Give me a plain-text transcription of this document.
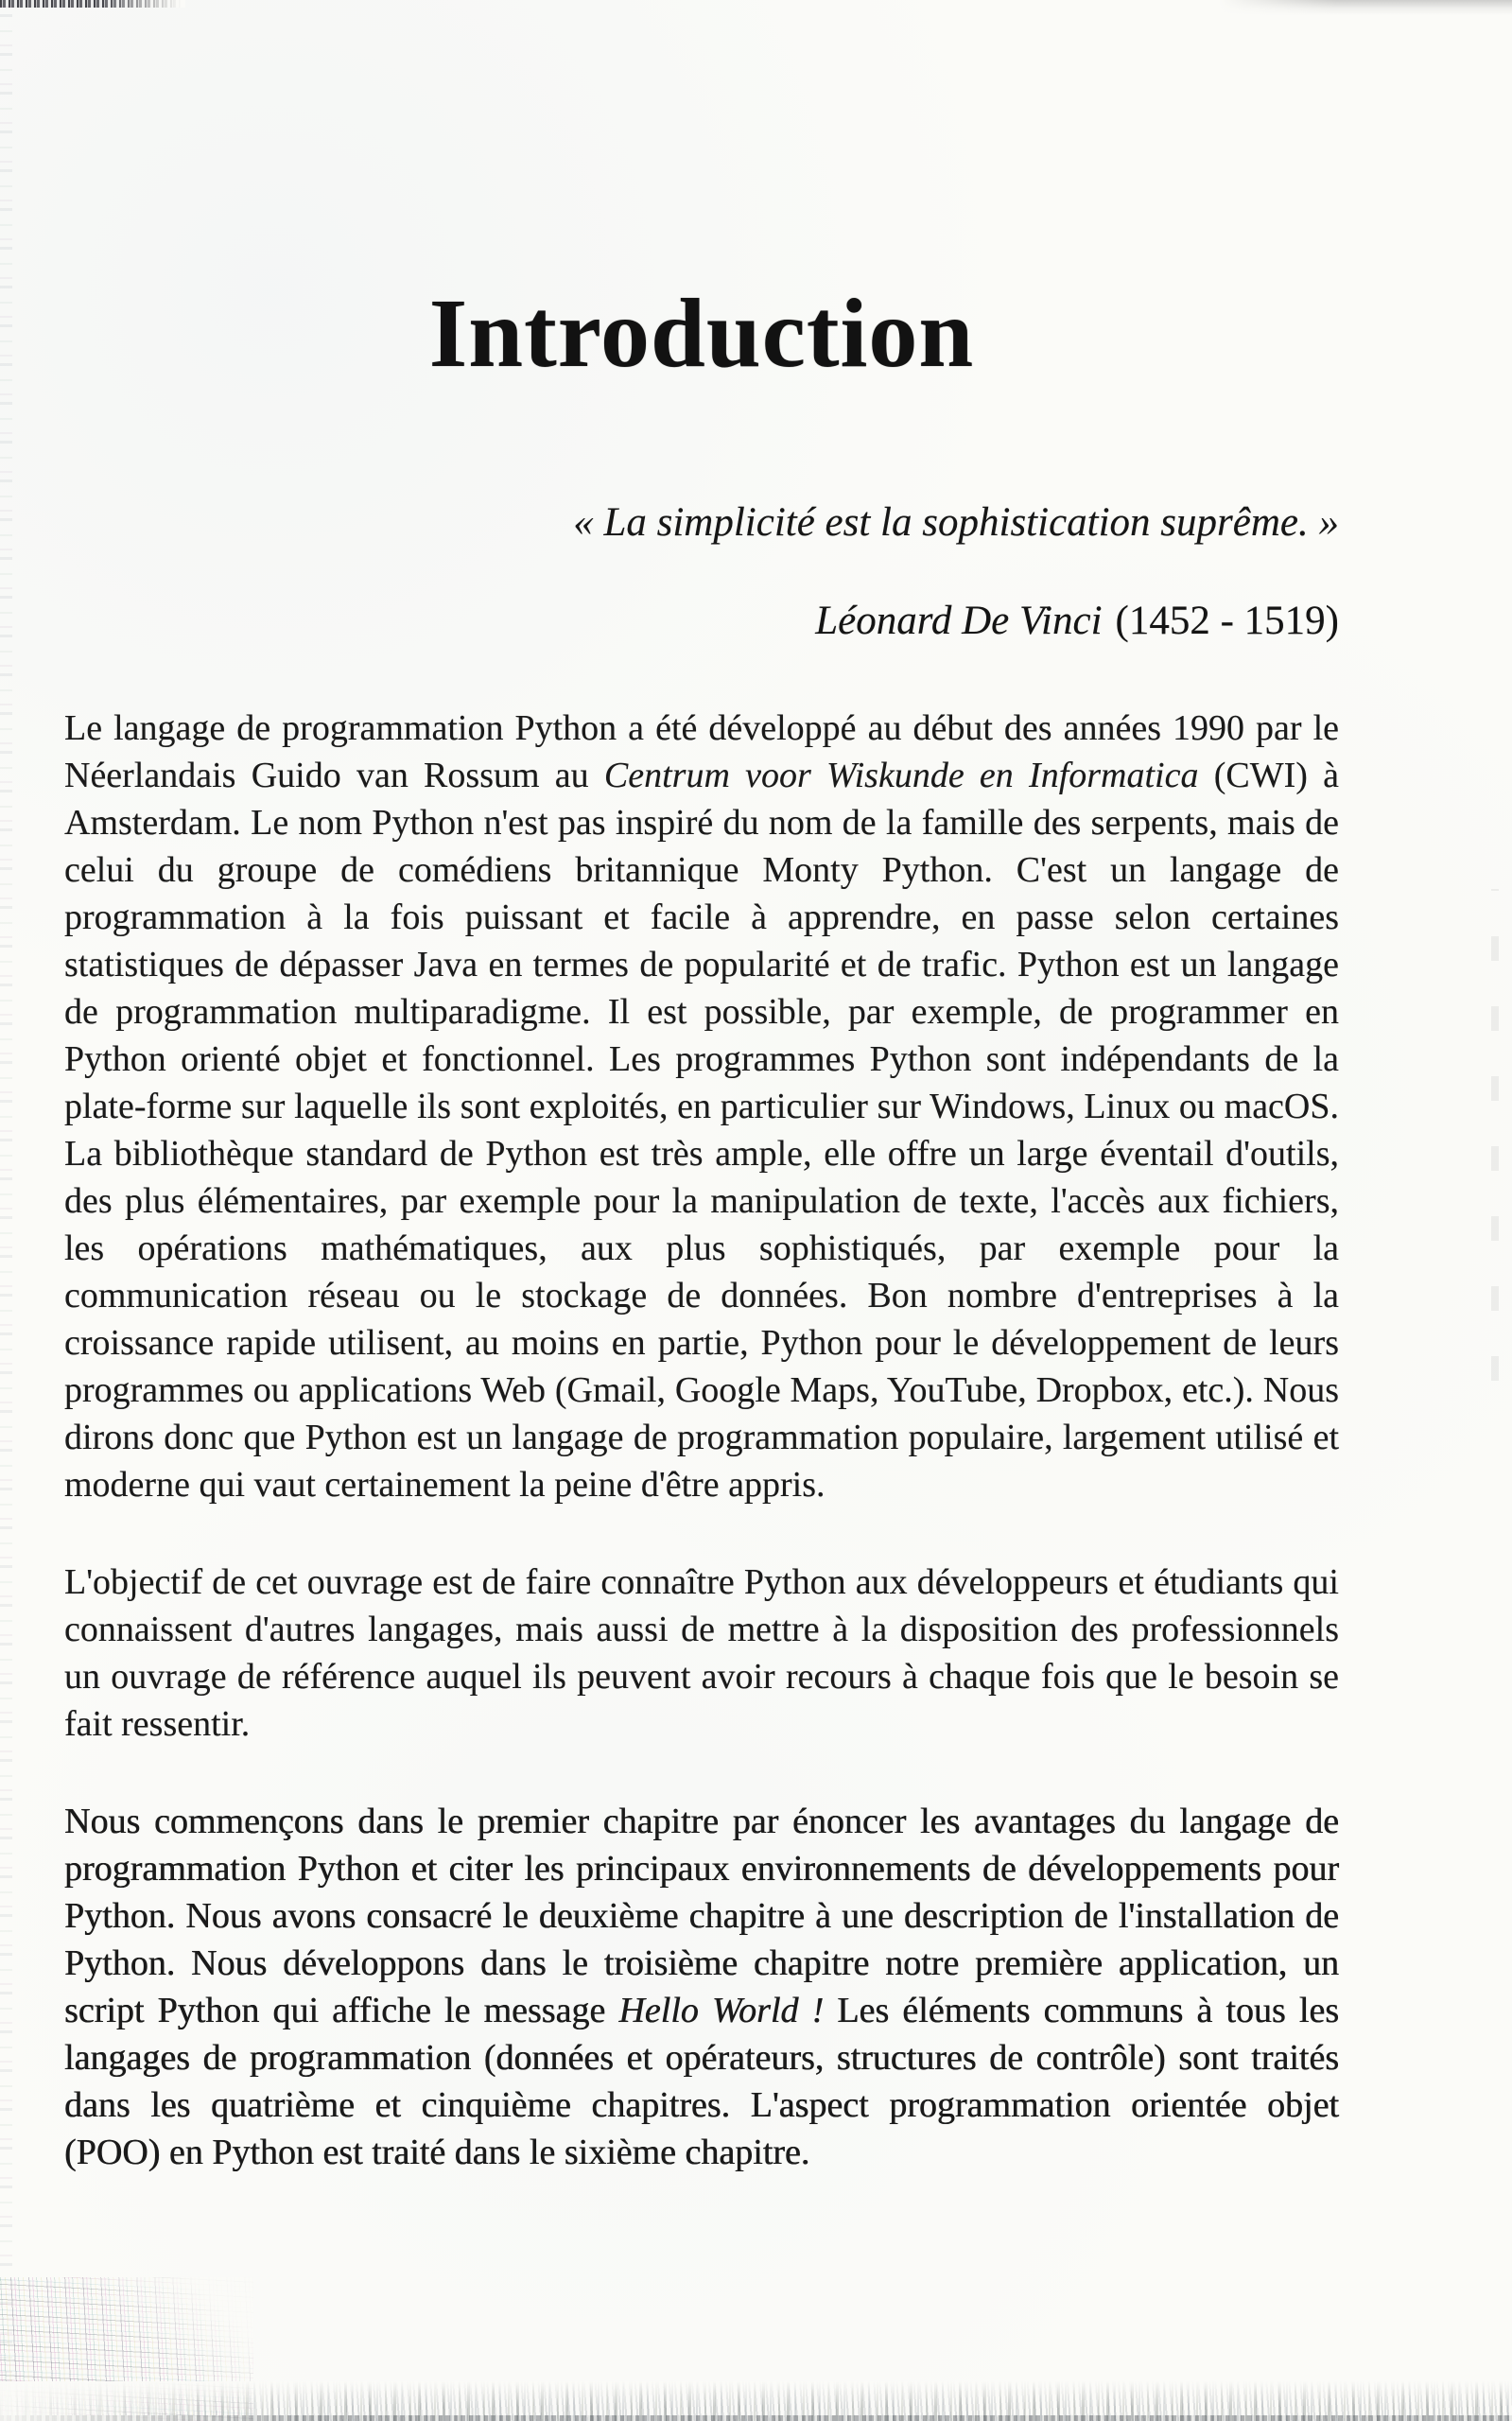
Introduction
« La simplicité est la sophistication suprême. »
Léonard De Vinci (1452 - 1519)

Le langage de programmation Python a été développé au début des années 1990 par le Néerlandais Guido van Rossum au Centrum voor Wiskunde en Informatica (CWI) à Amsterdam. Le nom Python n'est pas inspiré du nom de la famille des serpents, mais de celui du groupe de comédiens britannique Monty Python. C'est un langage de programmation à la fois puissant et facile à apprendre, en passe selon certaines statistiques de dépasser Java en termes de popularité et de trafic. Python est un langage de programmation multiparadigme. Il est possible, par exemple, de programmer en Python orienté objet et fonctionnel. Les programmes Python sont indépendants de la plate-forme sur laquelle ils sont exploités, en particulier sur Windows, Linux ou macOS. La bibliothèque standard de Python est très ample, elle offre un large éventail d'outils, des plus élémentaires, par exemple pour la manipulation de texte, l'accès aux fichiers, les opérations mathématiques, aux plus sophistiqués, par exemple pour la communication réseau ou le stockage de données. Bon nombre d'entreprises à la croissance rapide utilisent, au moins en partie, Python pour le développement de leurs programmes ou applications Web (Gmail, Google Maps, YouTube, Dropbox, etc.). Nous dirons donc que Python est un langage de programmation populaire, largement utilisé et moderne qui vaut certainement la peine d'être appris.

L'objectif de cet ouvrage est de faire connaître Python aux développeurs et étudiants qui connaissent d'autres langages, mais aussi de mettre à la disposition des professionnels un ouvrage de référence auquel ils peuvent avoir recours à chaque fois que le besoin se fait ressentir.

Nous commençons dans le premier chapitre par énoncer les avantages du langage de programmation Python et citer les principaux environnements de développements pour Python. Nous avons consacré le deuxième chapitre à une description de l'installation de Python. Nous développons dans le troisième chapitre notre première application, un script Python qui affiche le message Hello World ! Les éléments communs à tous les langages de programmation (données et opérateurs, structures de contrôle) sont traités dans les quatrième et cinquième chapitres. L'aspect programmation orientée objet (POO) en Python est traité dans le sixième chapitre.
